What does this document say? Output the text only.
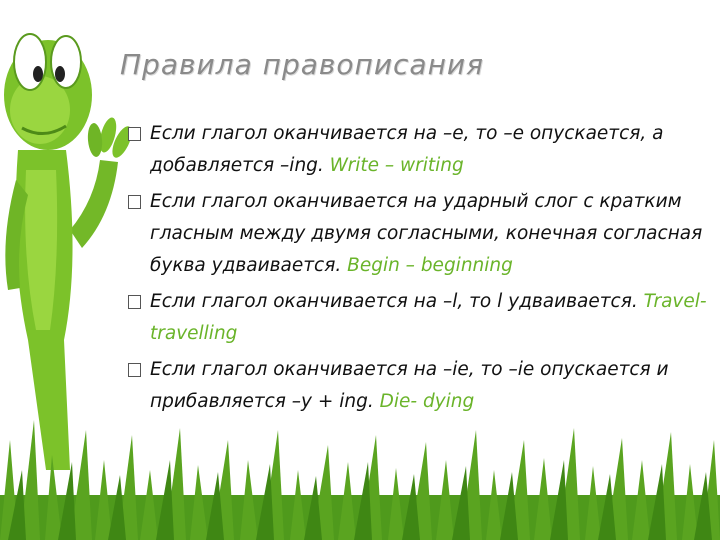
Правила правописания
Если глагол оканчивается на –е, то –е опускается, а добавляется –ing. Write – writing
Если глагол оканчивается на ударный слог с кратким гласным между двумя согласными, конечная согласная буква удваивается. Begin – beginning
Если глагол оканчивается на –l, то l удваивается. Travel-travelling
Если глагол оканчивается на –ie, то –ie опускается и прибавляется –y + ing. Die- dying
